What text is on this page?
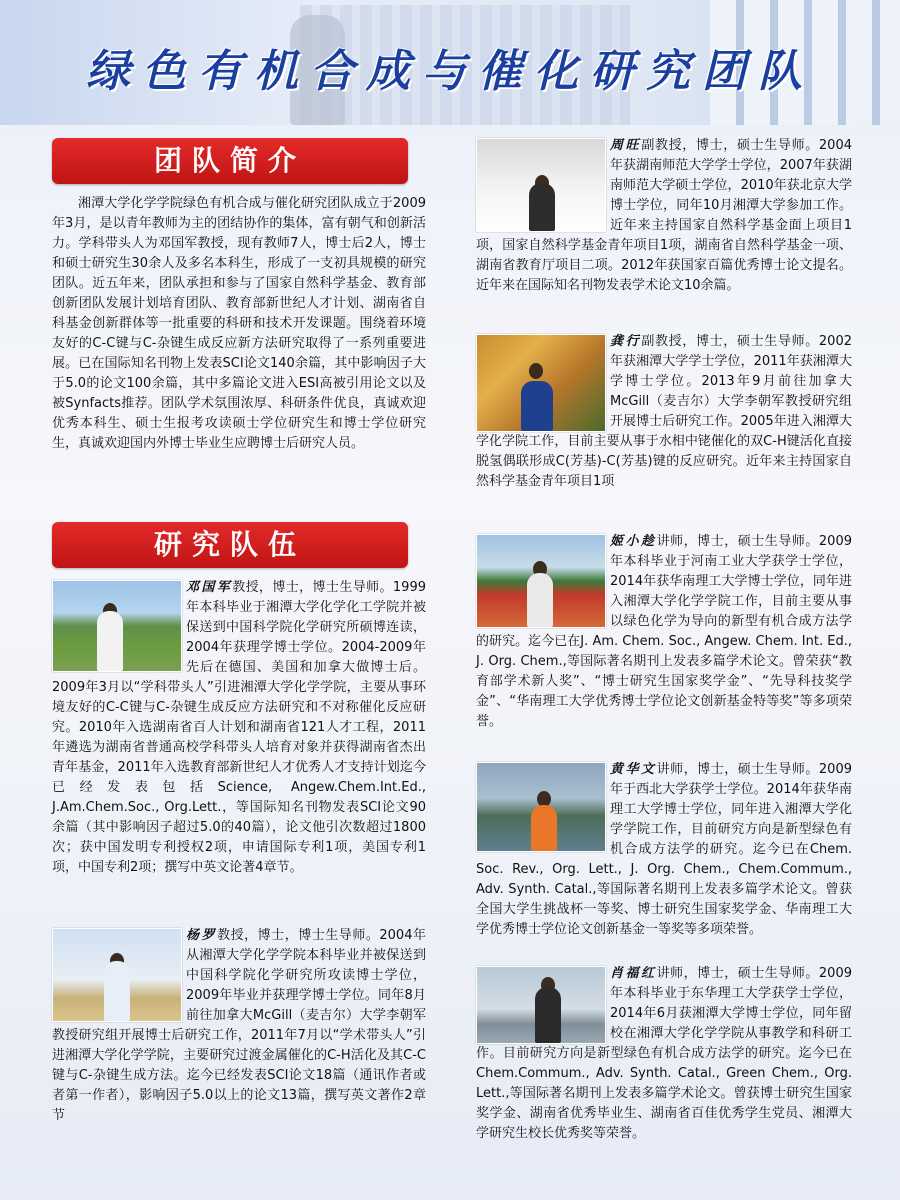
绿色有机合成与催化研究团队
团队简介
湘潭大学化学学院绿色有机合成与催化研究团队成立于2009年3月，是以青年教师为主的团结协作的集体，富有朝气和创新活力。学科带头人为邓国军教授，现有教师7人，博士后2人，博士和硕士研究生30余人及多名本科生，形成了一支初具规模的研究团队。近五年来，团队承担和参与了国家自然科学基金、教育部创新团队发展计划培育团队、教育部新世纪人才计划、湖南省自科基金创新群体等一批重要的科研和技术开发课题。围绕着环境友好的C-C键与C-杂键生成反应新方法研究取得了一系列重要进展。已在国际知名刊物上发表SCI论文140余篇，其中影响因子大于5.0的论文100余篇，其中多篇论文进入ESI高被引用论文以及被Synfacts推荐。团队学术氛围浓厚、科研条件优良，真诚欢迎优秀本科生、硕士生报考攻读硕士学位研究生和博士学位研究生，真诚欢迎国内外博士毕业生应聘博士后研究人员。
研究队伍
邓国军教授，博士，博士生导师。1999年本科毕业于湘潭大学化学化工学院并被保送到中国科学院化学研究所硕博连读，2004年获理学博士学位。2004-2009年先后在德国、美国和加拿大做博士后。2009年3月以“学科带头人”引进湘潭大学化学学院，主要从事环境友好的C-C键与C-杂键生成反应方法研究和不对称催化反应研究。2010年入选湖南省百人计划和湖南省121人才工程，2011年遴选为湖南省普通高校学科带头人培育对象并获得湖南省杰出青年基金，2011年入选教育部新世纪人才优秀人才支持计划迄今已经发表包括Science, Angew.Chem.Int.Ed., J.Am.Chem.Soc., Org.Lett.，等国际知名刊物发表SCI论文90余篇（其中影响因子超过5.0的40篇），论文他引次数超过1800次；获中国发明专利授权2项，申请国际专利1项，美国专利1项，中国专利2项；撰写中英文论著4章节。
杨罗教授，博士，博士生导师。2004年从湘潭大学化学学院本科毕业并被保送到中国科学院化学研究所攻读博士学位，2009年毕业并获理学博士学位。同年8月前往加拿大McGill（麦吉尔）大学李朝军教授研究组开展博士后研究工作，2011年7月以“学术带头人”引进湘潭大学化学学院，主要研究过渡金属催化的C-H活化及其C-C键与C-杂键生成方法。迄今已经发表SCI论文18篇（通讯作者或者第一作者），影响因子5.0以上的论文13篇，撰写英文著作2章节
周旺副教授，博士，硕士生导师。2004年获湖南师范大学学士学位，2007年获湖南师范大学硕士学位，2010年获北京大学博士学位，同年10月湘潭大学参加工作。近年来主持国家自然科学基金面上项目1项，国家自然科学基金青年项目1项，湖南省自然科学基金一项、湖南省教育厅项目二项。2012年获国家百篇优秀博士论文提名。近年来在国际知名刊物发表学术论文10余篇。
龚行副教授，博士，硕士生导师。2002年获湘潭大学学士学位，2011年获湘潭大学博士学位。2013年9月前往加拿大McGill（麦吉尔）大学李朝军教授研究组开展博士后研究工作。2005年进入湘潭大学化学院工作，目前主要从事于水相中铑催化的双C-H键活化直接脱氢偶联形成C(芳基)-C(芳基)键的反应研究。近年来主持国家自然科学基金青年项目1项
姬小趁讲师，博士，硕士生导师。2009年本科毕业于河南工业大学获学士学位，2014年获华南理工大学博士学位，同年进入湘潭大学化学学院工作，目前主要从事以绿色化学为导向的新型有机合成方法学的研究。迄今已在J. Am. Chem. Soc., Angew. Chem. Int. Ed., J. Org. Chem.,等国际著名期刊上发表多篇学术论文。曾荣获“教育部学术新人奖”、“博士研究生国家奖学金”、“先导科技奖学金”、“华南理工大学优秀博士学位论文创新基金特等奖”等多项荣誉。
黄华文讲师，博士，硕士生导师。2009年于西北大学获学士学位。2014年获华南理工大学博士学位，同年进入湘潭大学化学学院工作，目前研究方向是新型绿色有机合成方法学的研究。迄今已在Chem. Soc. Rev., Org. Lett., J. Org. Chem., Chem.Commum., Adv. Synth. Catal.,等国际著名期刊上发表多篇学术论文。曾获全国大学生挑战杯一等奖、博士研究生国家奖学金、华南理工大学优秀博士学位论文创新基金一等奖等多项荣誉。
肖福红讲师，博士，硕士生导师。2009年本科毕业于东华理工大学获学士学位，2014年6月获湘潭大学博士学位，同年留校在湘潭大学化学学院从事教学和科研工作。目前研究方向是新型绿色有机合成方法学的研究。迄今已在Chem.Commum., Adv. Synth. Catal., Green Chem., Org. Lett.,等国际著名期刊上发表多篇学术论文。曾获博士研究生国家奖学金、湖南省优秀毕业生、湖南省百佳优秀学生党员、湘潭大学研究生校长优秀奖等荣誉。
